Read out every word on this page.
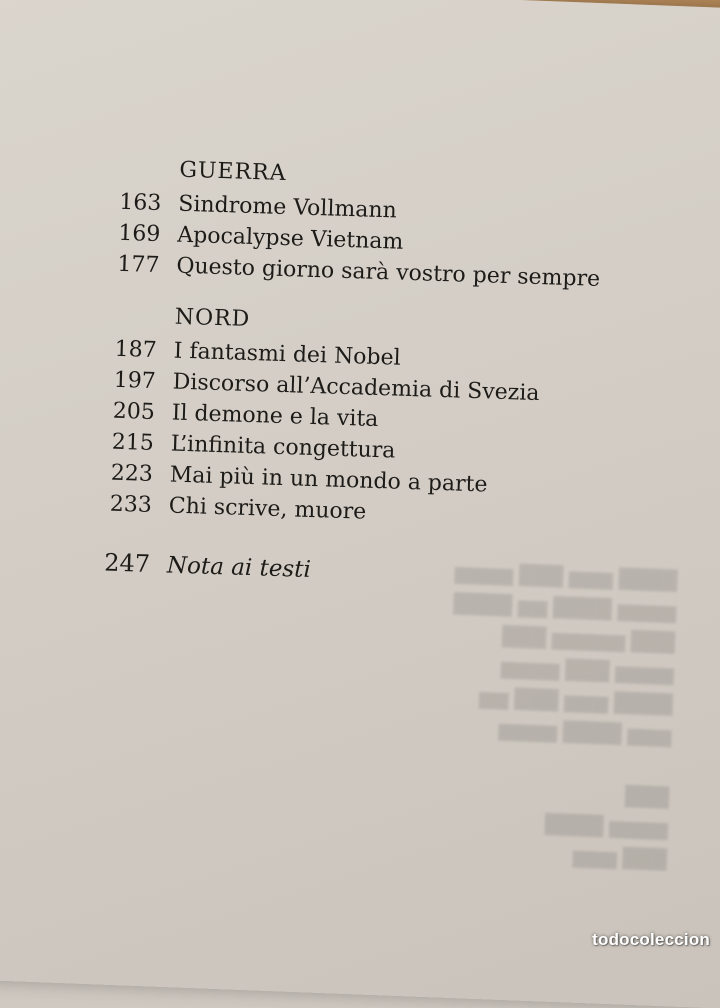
████ ▆▆▆ ███ ▆▆▆▆
▆▆▆▆ ████ ▆▆ ████
███ ▆▆▆▆▆ ███
▆▆▆▆ ███ ▆▆▆▆
████ ▆▆▆ ███ ▆▆
▆▆▆ ████ ▆▆▆▆

███
▆▆▆▆ ████
███ ▆▆▆
GUERRA
163 Sindrome Vollmann
169 Apocalypse Vietnam
177 Questo giorno sarà vostro per sempre
NORD
187 I fantasmi dei Nobel
197 Discorso all’Accademia di Svezia
205 Il demone e la vita
215 L’infinita congettura
223 Mai più in un mondo a parte
233 Chi scrive, muore
247 Nota ai testi
todocoleccion
